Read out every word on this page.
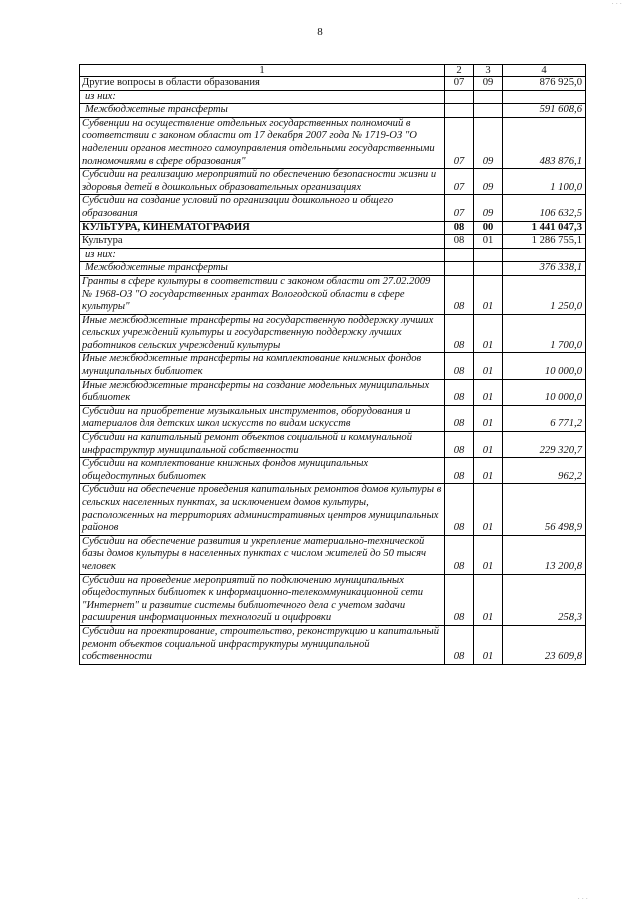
· · ·
8
1	2	3	4
Другие вопросы в области образования	07	09	876 925,0
из них:			
Межбюджетные трансферты			591 608,6
Субвенции на осуществление отдельных государственных полномочий в соответствии с законом области от 17 декабря 2007 года № 1719-ОЗ "О наделении органов местного самоуправления отдельными государственными полномочиями в сфере образования"	07	09	483 876,1
Субсидии на реализацию мероприятий по обеспечению безопасности жизни и здоровья детей в дошкольных образовательных организациях	07	09	1 100,0
Субсидии на создание условий по организации дошкольного и общего образования	07	09	106 632,5
КУЛЬТУРА, КИНЕМАТОГРАФИЯ	08	00	1 441 047,3
Культура	08	01	1 286 755,1
из них:			
Межбюджетные трансферты			376 338,1
Гранты в сфере культуры в соответствии с законом области от 27.02.2009 № 1968-ОЗ "О государственных грантах Вологодской области в сфере культуры"	08	01	1 250,0
Иные межбюджетные трансферты на государственную поддержку лучших сельских учреждений культуры и государственную поддержку лучших работников сельских учреждений культуры	08	01	1 700,0
Иные межбюджетные трансферты на комплектование книжных фондов муниципальных библиотек	08	01	10 000,0
Иные межбюджетные трансферты на создание модельных муниципальных библиотек	08	01	10 000,0
Субсидии на приобретение музыкальных инструментов, оборудования и материалов для детских школ искусств по видам искусств	08	01	6 771,2
Субсидии на капитальный ремонт объектов социальной и коммунальной инфраструктур муниципальной собственности	08	01	229 320,7
Субсидии на комплектование книжных фондов муниципальных общедоступных библиотек	08	01	962,2
Субсидии на обеспечение проведения капитальных ремонтов домов культуры в сельских населенных пунктах, за исключением домов культуры, расположенных на территориях административных центров муниципальных районов	08	01	56 498,9
Субсидии на обеспечение развития и укрепление материально-технической базы домов культуры в населенных пунктах с числом жителей до 50 тысяч человек	08	01	13 200,8
Субсидии на проведение мероприятий по подключению муниципальных общедоступных библиотек к информационно-телекоммуникационной сети "Интернет" и развитие системы библиотечного дела с учетом задачи расширения информационных технологий и оцифровки	08	01	258,3
Субсидии на проектирование, строительство, реконструкцию и капитальный ремонт объектов социальной инфраструктуры муниципальной собственности	08	01	23 609,8
· · ·
